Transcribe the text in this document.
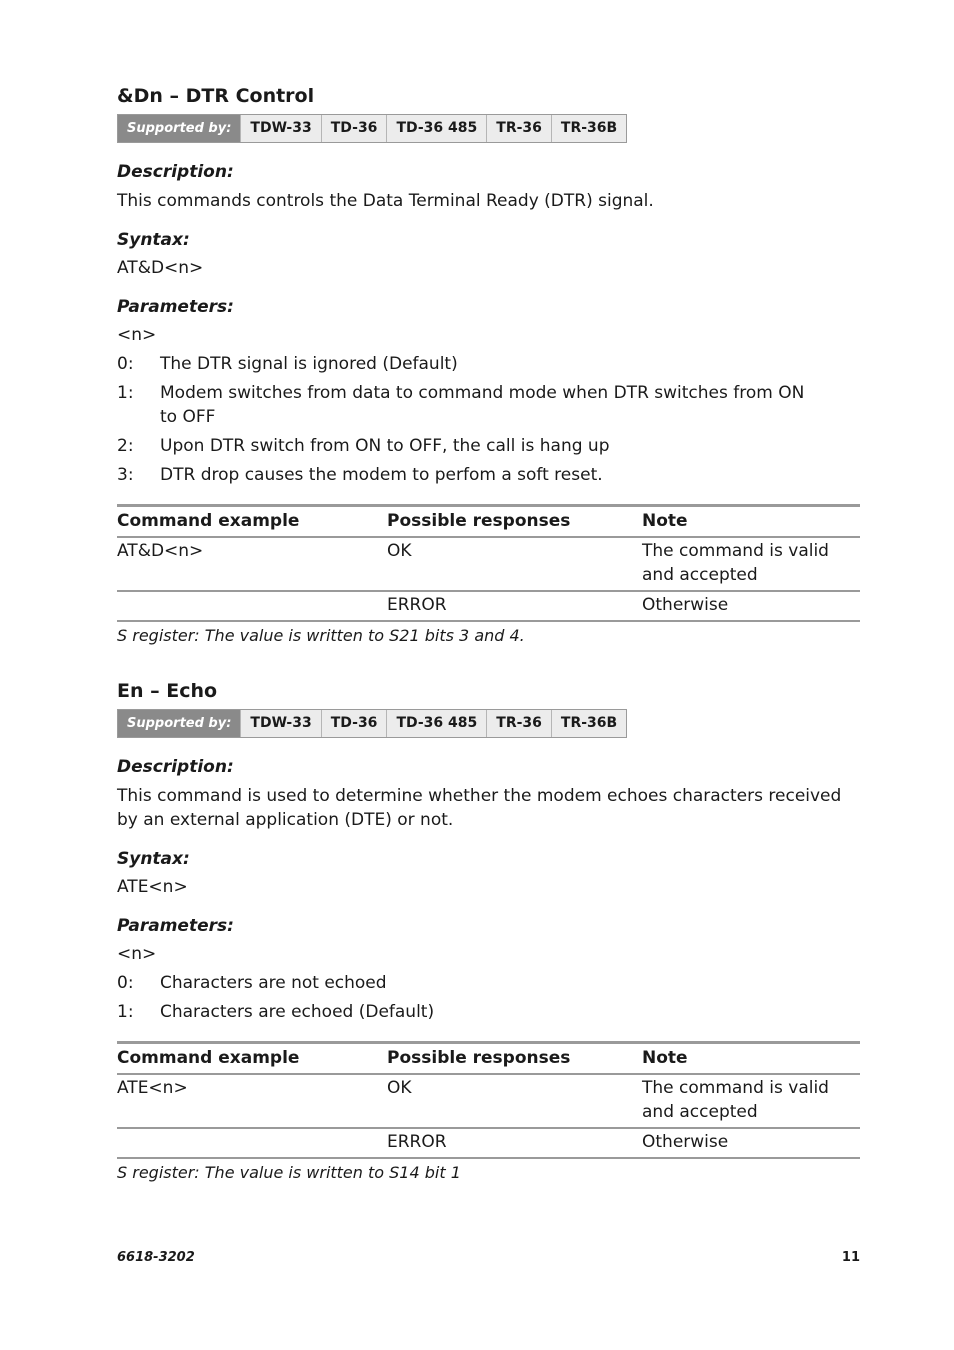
&Dn – DTR Control
Supported by:	TDW-33	TD-36	TD-36 485	TR-36	TR-36B
Description:
This commands controls the Data Terminal Ready (DTR) signal.
Syntax:
AT&D<n>
Parameters:
<n>
0:	The DTR signal is ignored (Default)
1:	Modem switches from data to command mode when DTR switches from ON to OFF
2:	Upon DTR switch from ON to OFF, the call is hang up
3:	DTR drop causes the modem to perfom a soft reset.
Command example	Possible responses	Note
AT&D<n>	OK	The command is valid and accepted
	ERROR	Otherwise
S register: The value is written to S21 bits 3 and 4.
En – Echo
Supported by:	TDW-33	TD-36	TD-36 485	TR-36	TR-36B
Description:
This command is used to determine whether the modem echoes characters received by an external application (DTE) or not.
Syntax:
ATE<n>
Parameters:
<n>
0:	Characters are not echoed
1:	Characters are echoed (Default)
Command example	Possible responses	Note
ATE<n>	OK	The command is valid and accepted
	ERROR	Otherwise
S register: The value is written to S14 bit 1
6618-3202	11
